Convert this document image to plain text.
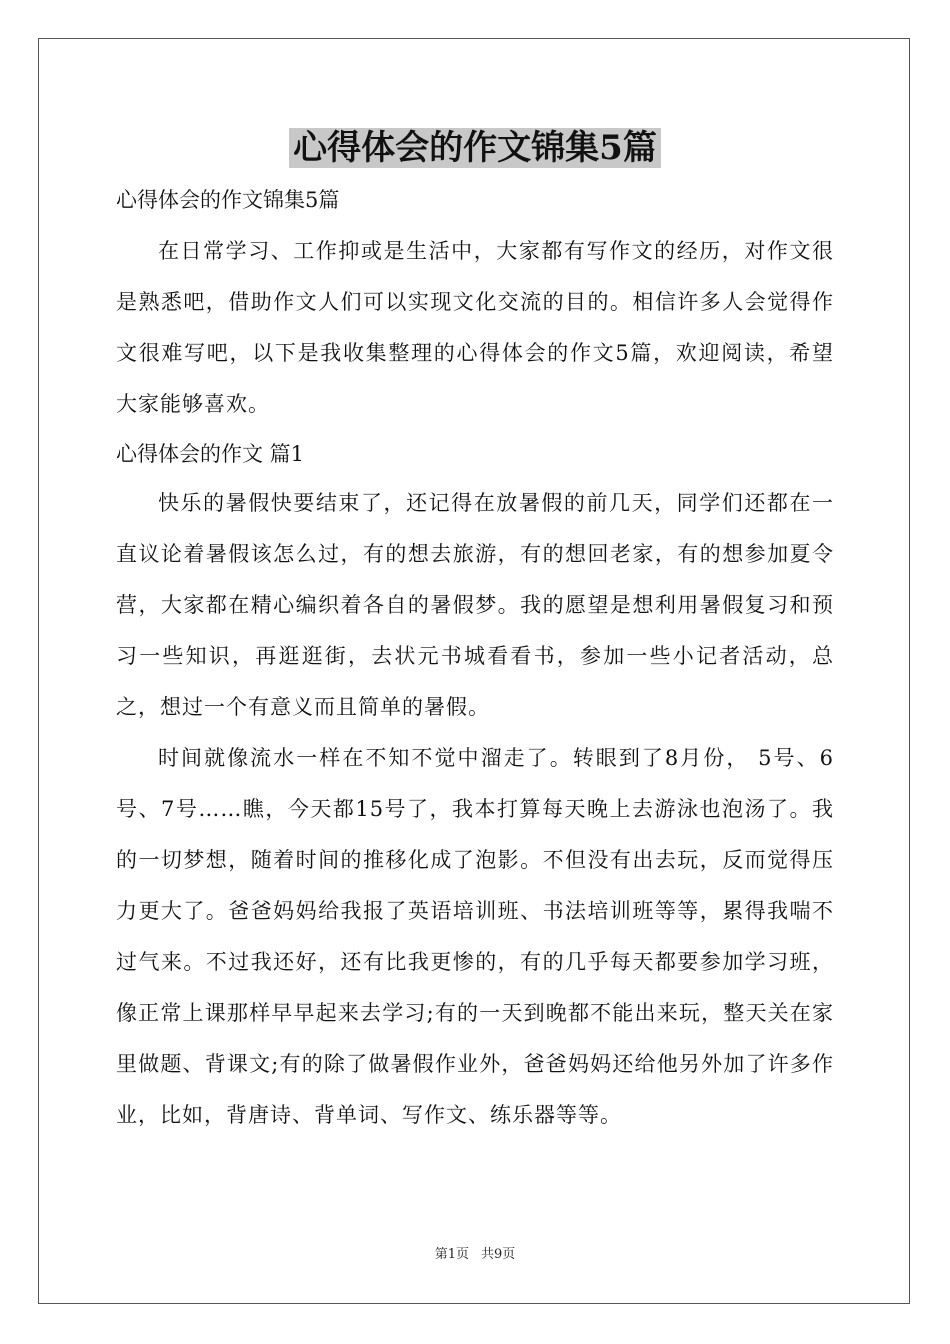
心得体会的作文锦集5篇

心得体会的作文锦集5篇

在日常学习、工作抑或是生活中，大家都有写作文的经历，对作文很是熟悉吧，借助作文人们可以实现文化交流的目的。相信许多人会觉得作文很难写吧，以下是我收集整理的心得体会的作文5篇，欢迎阅读，希望大家能够喜欢。

心得体会的作文 篇1

快乐的暑假快要结束了，还记得在放暑假的前几天，同学们还都在一直议论着暑假该怎么过，有的想去旅游，有的想回老家，有的想参加夏令营，大家都在精心编织着各自的暑假梦。我的愿望是想利用暑假复习和预习一些知识，再逛逛街，去状元书城看看书，参加一些小记者活动，总之，想过一个有意义而且简单的暑假。

时间就像流水一样在不知不觉中溜走了。转眼到了8月份， 5号、6号、7号……瞧，今天都15号了，我本打算每天晚上去游泳也泡汤了。我的一切梦想，随着时间的推移化成了泡影。不但没有出去玩，反而觉得压力更大了。爸爸妈妈给我报了英语培训班、书法培训班等等，累得我喘不过气来。不过我还好，还有比我更惨的，有的几乎每天都要参加学习班，像正常上课那样早早起来去学习;有的一天到晚都不能出来玩，整天关在家里做题、背课文;有的除了做暑假作业外，爸爸妈妈还给他另外加了许多作业，比如，背唐诗、背单词、写作文、练乐器等等。

第1页 共9页
